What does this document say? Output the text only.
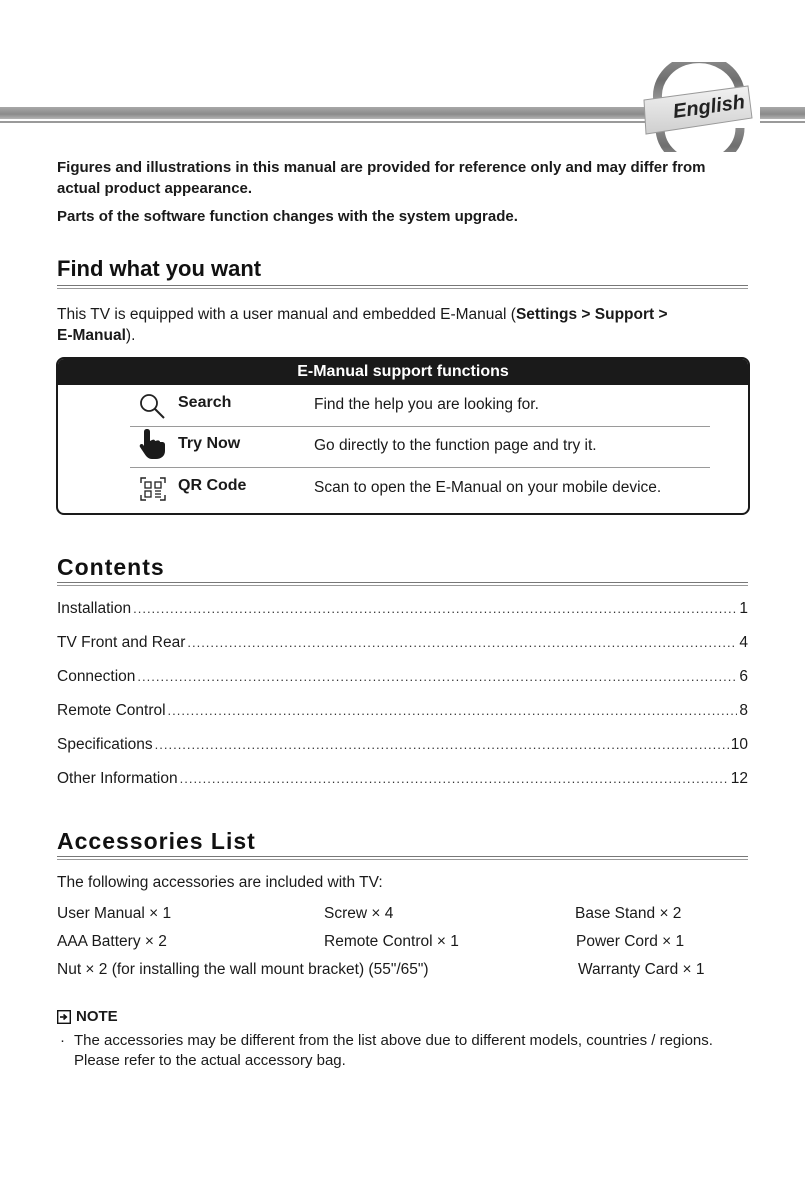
English
Figures and illustrations in this manual are provided for reference only and may differ from actual product appearance.
Parts of the software function changes with the system upgrade.
Find what you want
This TV is equipped with a user manual and embedded E-Manual (Settings > Support >
E-Manual).
E-Manual support functions
Search	Find the help you are looking for.
Try Now	Go directly to the function page and try it.
QR Code	Scan to open the E-Manual on your mobile device.
Contents
Installation .....	1
TV Front and Rear .....	4
Connection .....	6
Remote Control .....	8
Specifications .....	10
Other Information .....	12
Accessories List
The following accessories are included with TV:
User Manual × 1	Screw × 4	Base Stand × 2
AAA Battery × 2	Remote Control × 1	Power Cord × 1
Nut × 2 (for installing the wall mount bracket) (55"/65")	Warranty Card × 1
NOTE
· The accessories may be different from the list above due to different models, countries / regions. Please refer to the actual accessory bag.
